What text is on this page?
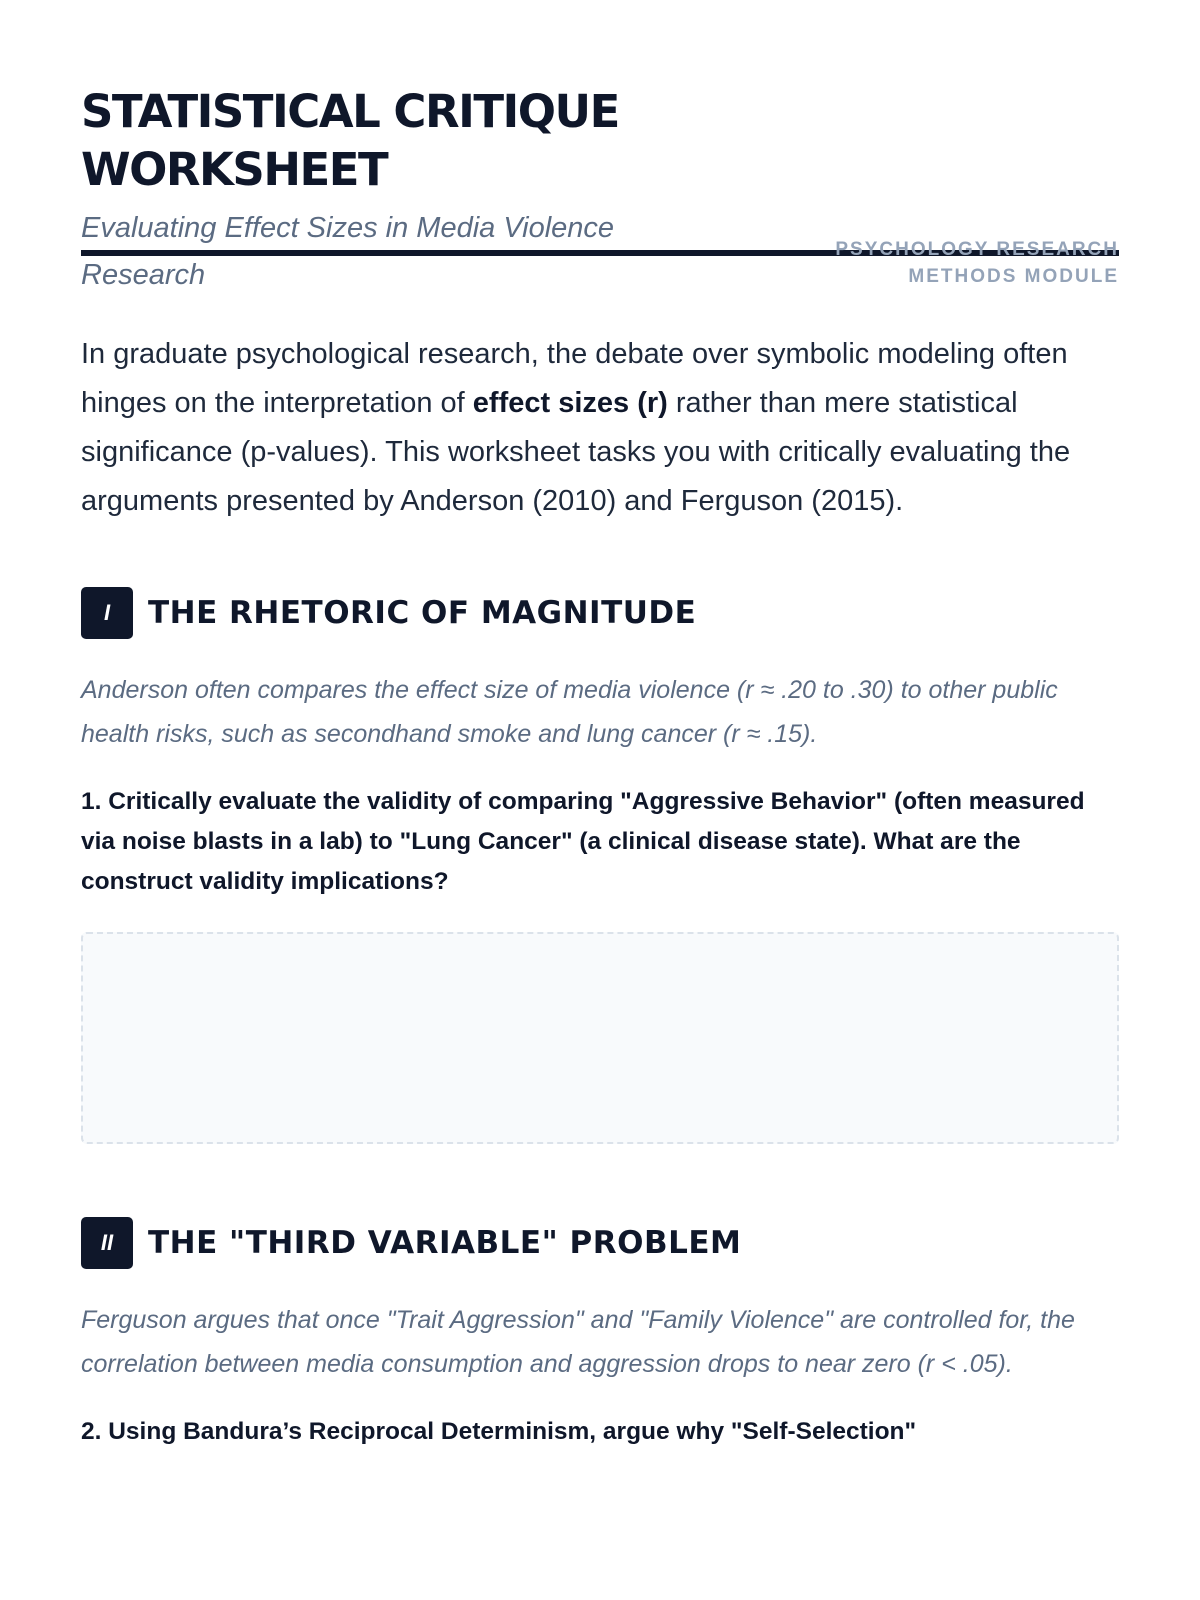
STATISTICAL CRITIQUE WORKSHEET
Evaluating Effect Sizes in Media Violence Research
PSYCHOLOGY RESEARCH METHODS MODULE

In graduate psychological research, the debate over symbolic modeling often hinges on the interpretation of effect sizes (r) rather than mere statistical significance (p-values). This worksheet tasks you with critically evaluating the arguments presented by Anderson (2010) and Ferguson (2015).

I	THE RHETORIC OF MAGNITUDE

Anderson often compares the effect size of media violence (r ≈ .20 to .30) to other public health risks, such as secondhand smoke and lung cancer (r ≈ .15).

1. Critically evaluate the validity of comparing "Aggressive Behavior" (often measured via noise blasts in a lab) to "Lung Cancer" (a clinical disease state). What are the construct validity implications?

II	THE "THIRD VARIABLE" PROBLEM

Ferguson argues that once "Trait Aggression" and "Family Violence" are controlled for, the correlation between media consumption and aggression drops to near zero (r < .05).

2. Using Bandura’s Reciprocal Determinism, argue why "Self-Selection"
